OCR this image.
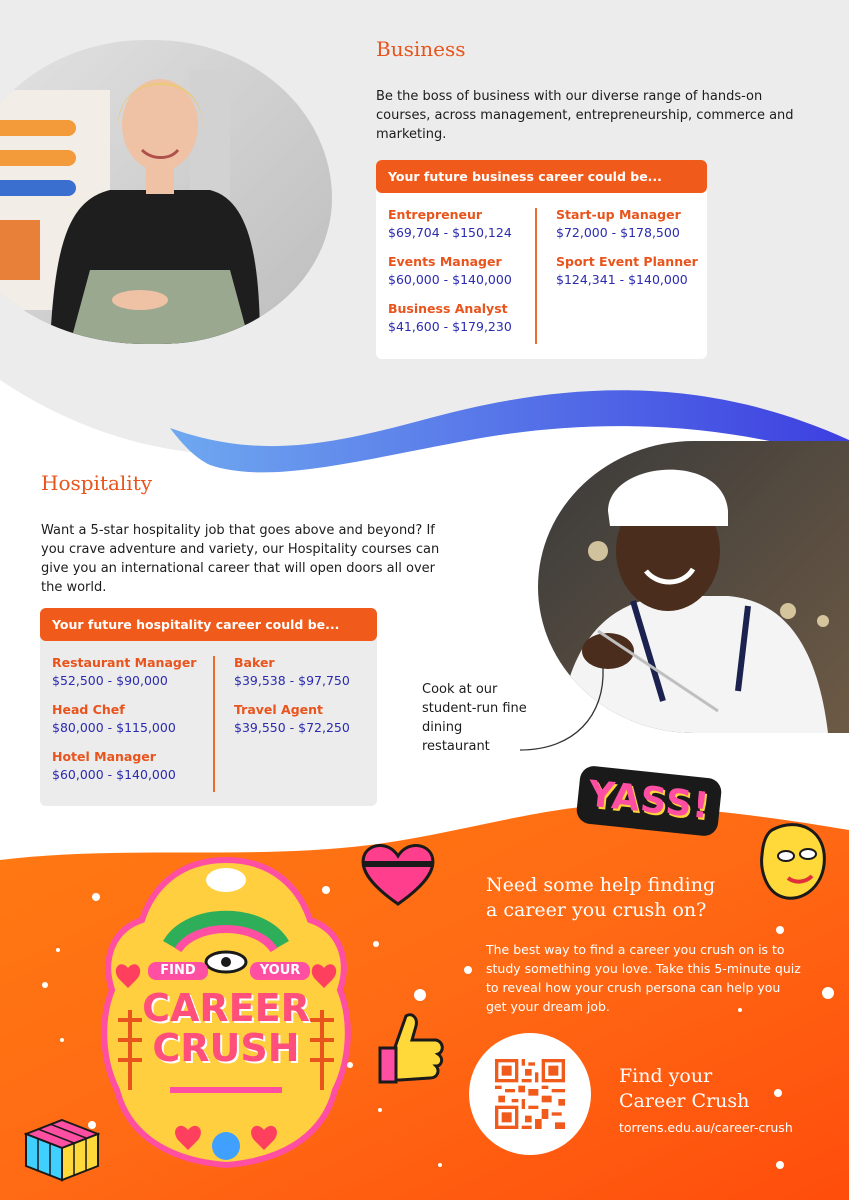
Business
Be the boss of business with our diverse range of hands-on courses, across management, entrepreneurship, commerce and marketing.
Your future business career could be...
Entrepreneur
$69,704 - $150,124
Events Manager
$60,000 - $140,000
Business Analyst
$41,600 - $179,230
Start-up Manager
$72,000 - $178,500
Sport Event Planner
$124,341 - $140,000
Hospitality
Want a 5-star hospitality job that goes above and beyond? If you crave adventure and variety, our Hospitality courses can give you an international career that will open doors all over the world.
Your future hospitality career could be...
Restaurant Manager
$52,500 - $90,000
Head Chef
$80,000 - $115,000
Hotel Manager
$60,000 - $140,000
Baker
$39,538 - $97,750
Travel Agent
$39,550 - $72,250
Cook at our student-run fine dining restaurant
YASS!
FIND	YOUR
CAREER
CRUSH
Need some help finding
a career you crush on?
The best way to find a career you crush on is to study something you love. Take this 5-minute quiz to reveal how your crush persona can help you get your dream job.
Find your
Career Crush
torrens.edu.au/career-crush
